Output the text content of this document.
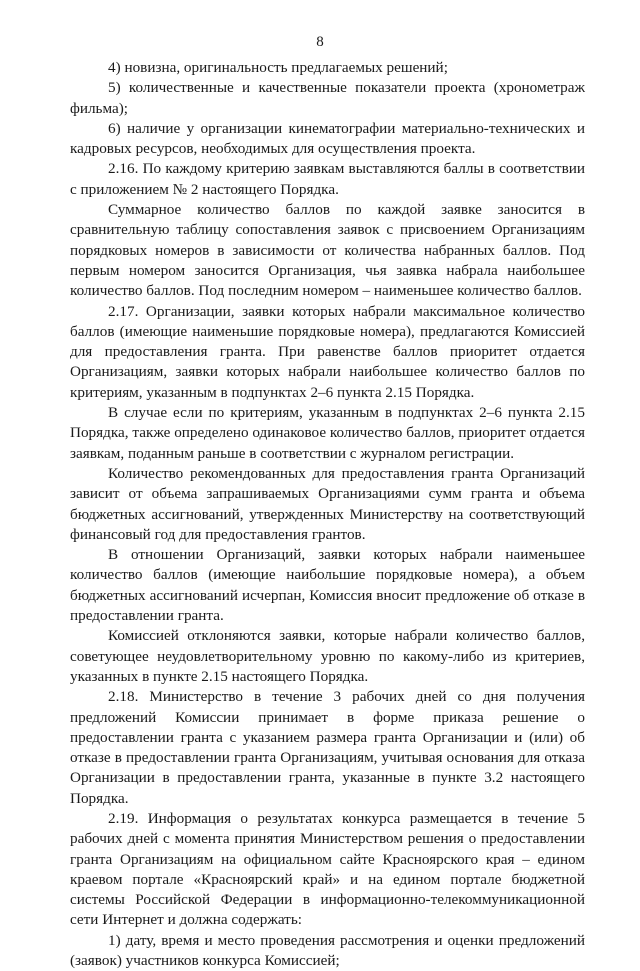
8

4) новизна, оригинальность предлагаемых решений;

5) количественные и качественные показатели проекта (хронометраж фильма);

6) наличие у организации кинематографии материально-технических и кадровых ресурсов, необходимых для осуществления проекта.

2.16. По каждому критерию заявкам выставляются баллы в соответствии с приложением № 2 настоящего Порядка.

Суммарное количество баллов по каждой заявке заносится в сравнительную таблицу сопоставления заявок с присвоением Организациям порядковых номеров в зависимости от количества набранных баллов. Под первым номером заносится Организация, чья заявка набрала наибольшее количество баллов. Под последним номером – наименьшее количество баллов.

2.17. Организации, заявки которых набрали максимальное количество баллов (имеющие наименьшие порядковые номера), предлагаются Комиссией для предоставления гранта. При равенстве баллов приоритет отдается Организациям, заявки которых набрали наибольшее количество баллов по критериям, указанным в подпунктах 2–6 пункта 2.15 Порядка.

В случае если по критериям, указанным в подпунктах 2–6 пункта 2.15 Порядка, также определено одинаковое количество баллов, приоритет отдается заявкам, поданным раньше в соответствии с журналом регистрации.

Количество рекомендованных для предоставления гранта Организаций зависит от объема запрашиваемых Организациями сумм гранта и объема бюджетных ассигнований, утвержденных Министерству на соответствующий финансовый год для предоставления грантов.

В отношении Организаций, заявки которых набрали наименьшее количество баллов (имеющие наибольшие порядковые номера), а объем бюджетных ассигнований исчерпан, Комиссия вносит предложение об отказе в предоставлении гранта.

Комиссией отклоняются заявки, которые набрали количество баллов, советующее неудовлетворительному уровню по какому-либо из критериев, указанных в пункте 2.15 настоящего Порядка.

2.18. Министерство в течение 3 рабочих дней со дня получения предложений Комиссии принимает в форме приказа решение о предоставлении гранта с указанием размера гранта Организации и (или) об отказе в предоставлении гранта Организациям, учитывая основания для отказа Организации в предоставлении гранта, указанные в пункте 3.2 настоящего Порядка.

2.19. Информация о результатах конкурса размещается в течение 5 рабочих дней с момента принятия Министерством решения о предоставлении гранта Организациям на официальном сайте Красноярского края – едином краевом портале «Красноярский край» и на едином портале бюджетной системы Российской Федерации в информационно-телекоммуникационной сети Интернет и должна содержать:

1) дату, время и место проведения рассмотрения и оценки предложений (заявок) участников конкурса Комиссией;
